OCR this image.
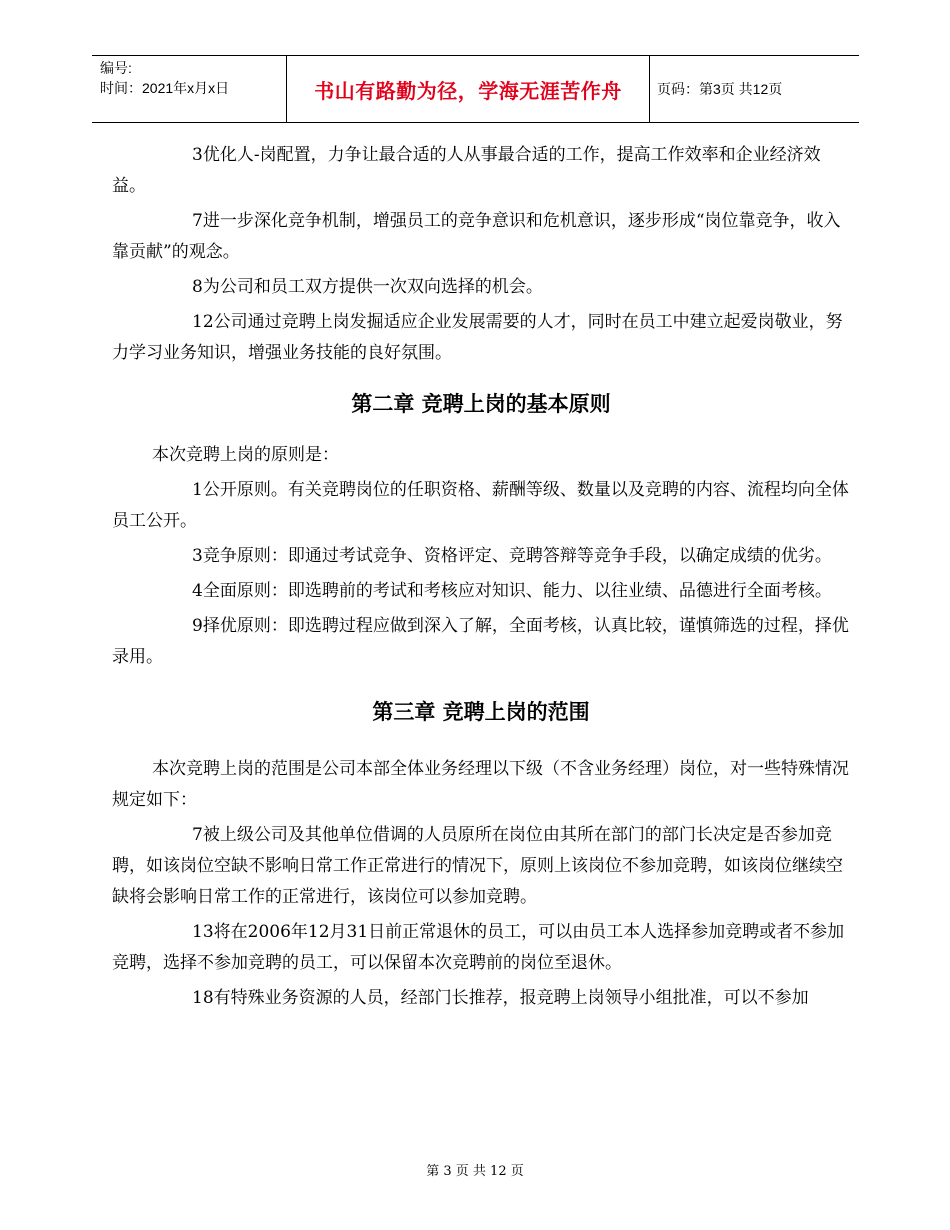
编号:
时间：2021年x月x日	书山有路勤为径，学海无涯苦作舟	页码：第3页 共12页

3优化人-岗配置，力争让最合适的人从事最合适的工作，提高工作效率和企业经济效益。

7进一步深化竞争机制，增强员工的竞争意识和危机意识，逐步形成“岗位靠竞争，收入靠贡献”的观念。

8为公司和员工双方提供一次双向选择的机会。

12公司通过竞聘上岗发掘适应企业发展需要的人才，同时在员工中建立起爱岗敬业，努力学习业务知识，增强业务技能的良好氛围。

第二章 竞聘上岗的基本原则

本次竞聘上岗的原则是：

1公开原则。有关竞聘岗位的任职资格、薪酬等级、数量以及竞聘的内容、流程均向全体员工公开。

3竞争原则：即通过考试竞争、资格评定、竞聘答辩等竞争手段，以确定成绩的优劣。

4全面原则：即选聘前的考试和考核应对知识、能力、以往业绩、品德进行全面考核。

9择优原则：即选聘过程应做到深入了解，全面考核，认真比较，谨慎筛选的过程，择优录用。

第三章 竞聘上岗的范围

本次竞聘上岗的范围是公司本部全体业务经理以下级（不含业务经理）岗位，对一些特殊情况规定如下：

7被上级公司及其他单位借调的人员原所在岗位由其所在部门的部门长决定是否参加竞聘，如该岗位空缺不影响日常工作正常进行的情况下，原则上该岗位不参加竞聘，如该岗位继续空缺将会影响日常工作的正常进行，该岗位可以参加竞聘。

13将在2006年12月31日前正常退休的员工，可以由员工本人选择参加竞聘或者不参加竞聘，选择不参加竞聘的员工，可以保留本次竞聘前的岗位至退休。

18有特殊业务资源的人员，经部门长推荐，报竞聘上岗领导小组批准，可以不参加

第 3 页 共 12 页
